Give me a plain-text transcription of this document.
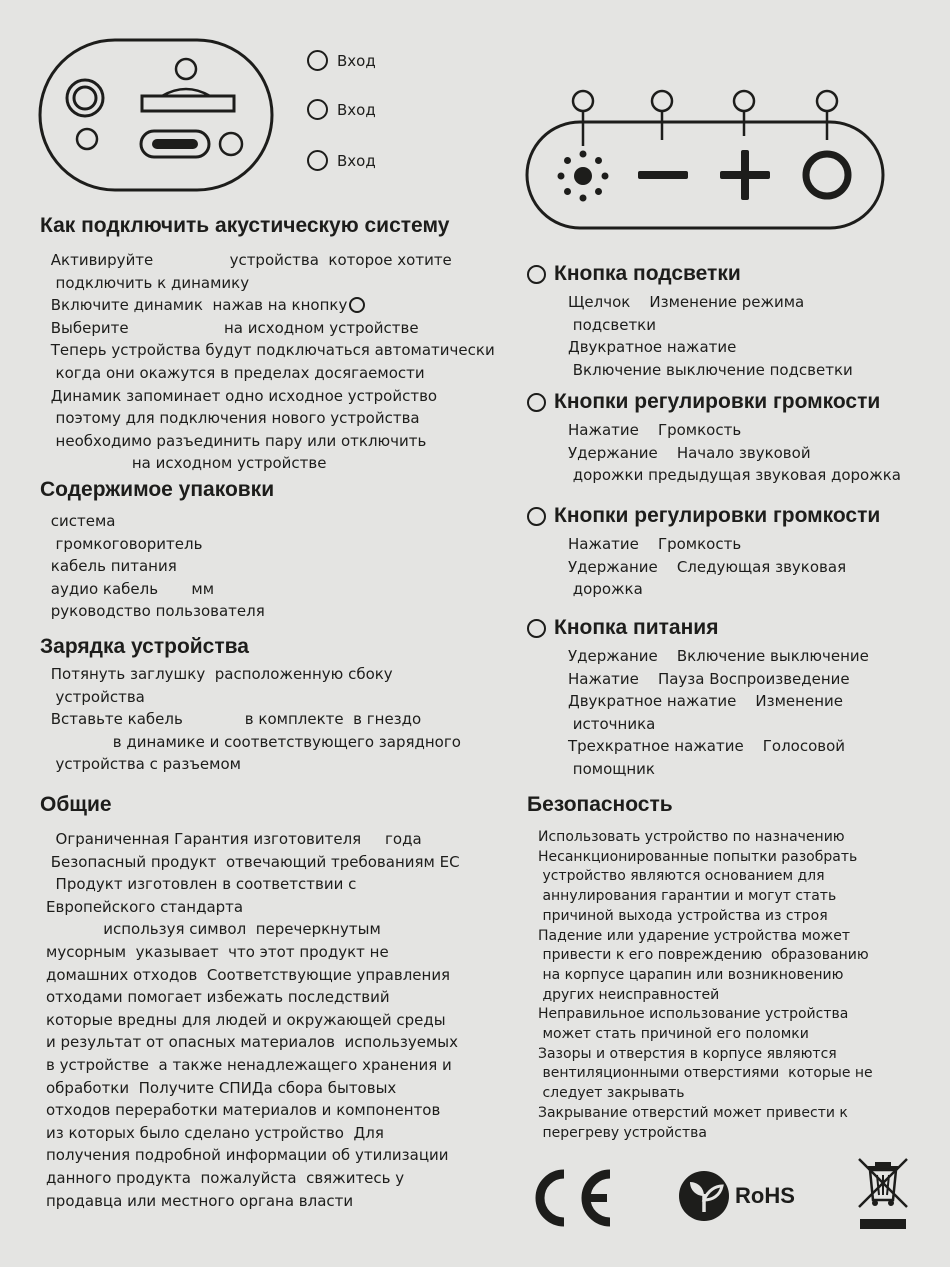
Вход
Вход
Вход
Как подключить акустическую систему
Активируйте                устройства  которое хотите
подключить к динамику
Включите динамик  нажав на кнопку
Выберите                    на исходном устройстве
Теперь устройства будут подключаться автоматически
когда они окажутся в пределах досягаемости
Динамик запоминает одно исходное устройство
поэтому для подключения нового устройства
необходимо разъединить пару или отключить
на исходном устройстве
Содержимое упаковки
система
громкоговоритель
кабель питания
аудио кабель       мм
руководство пользователя
Зарядка устройства
Потянуть заглушку  расположенную сбоку
устройства
Вставьте кабель             в комплекте  в гнездо
в динамике и соответствующего зарядного
устройства с разъемом
Общие
Ограниченная Гарантия изготовителя     года
Безопасный продукт  отвечающий требованиям ЕС
Продукт изготовлен в соответствии с
Европейского стандарта
используя символ  перечеркнутым
мусорным  указывает  что этот продукт не
домашних отходов  Соответствующие управления
отходами помогает избежать последствий
которые вредны для людей и окружающей среды
и результат от опасных материалов  используемых
в устройстве  а также ненадлежащего хранения и
обработки  Получите СПИДа сбора бытовых
отходов переработки материалов и компонентов
из которых было сделано устройство  Для
получения подробной информации об утилизации
данного продукта  пожалуйста  свяжитесь у
продавца или местного органа власти
Кнопка подсветки
Щелчок    Изменение режима
подсветки
Двукратное нажатие
Включение выключение подсветки
Кнопки регулировки громкости
Нажатие    Громкость
Удержание    Начало звуковой
дорожки предыдущая звуковая дорожка
Кнопки регулировки громкости
Нажатие    Громкость
Удержание    Следующая звуковая
дорожка
Кнопка питания
Удержание    Включение выключение
Нажатие    Пауза Воспроизведение
Двукратное нажатие    Изменение
источника
Трехкратное нажатие    Голосовой
помощник
Безопасность
Использовать устройство по назначению
Несанкционированные попытки разобрать
устройство являются основанием для
аннулирования гарантии и могут стать
причиной выхода устройства из строя
Падение или ударение устройства может
привести к его повреждению  образованию
на корпусе царапин или возникновению
других неисправностей
Неправильное использование устройства
может стать причиной его поломки
Зазоры и отверстия в корпусе являются
вентиляционными отверстиями  которые не
следует закрывать
Закрывание отверстий может привести к
перегреву устройства
RoHS
